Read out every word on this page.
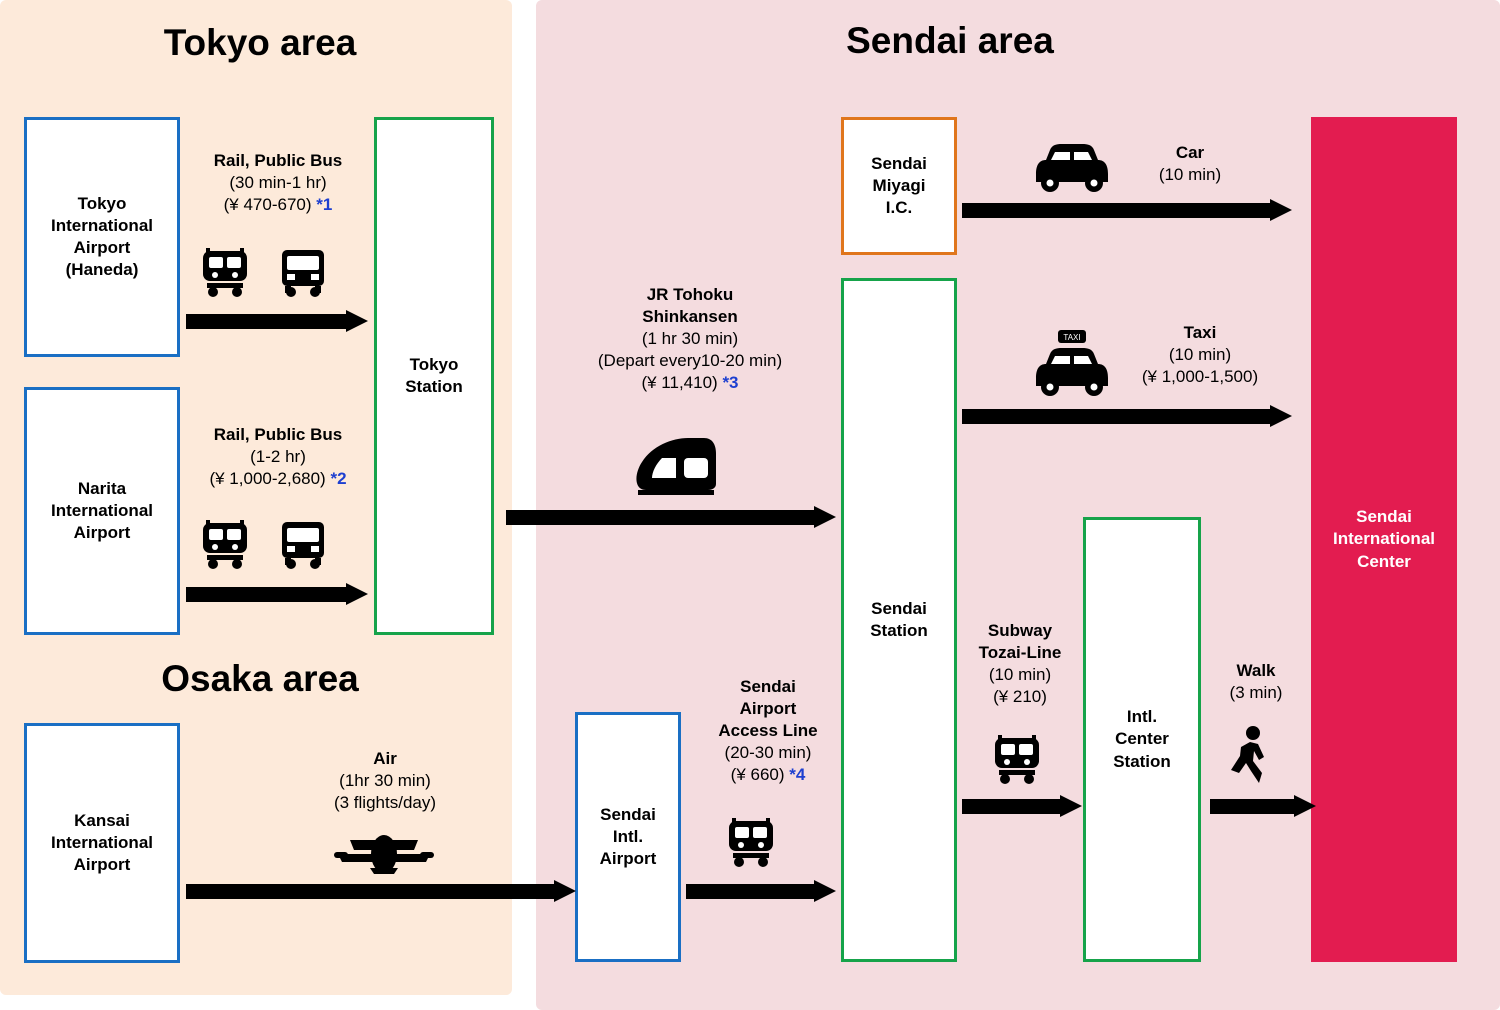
Tokyo area
Osaka area
Sendai area
Tokyo
International
Airport
(Haneda)
Narita
International
Airport
Kansai
International
Airport
Tokyo
Station
Sendai
Intl.
Airport
Sendai
Miyagi
I.C.
Sendai
Station
Intl.
Center
Station
Sendai
International
Center
Rail, Public Bus
(30 min-1 hr)
(¥ 470-670) *1
Rail, Public Bus
(1-2 hr)
(¥ 1,000-2,680) *2
Air
(1hr 30 min)
(3 flights/day)
JR Tohoku
Shinkansen
(1 hr 30 min)
(Depart every10-20 min)
(¥ 11,410) *3
Sendai
Airport
Access Line
(20-30 min)
(¥ 660) *4
Car
(10 min)
Taxi
(10 min)
(¥ 1,000-1,500)
TAXI
Subway
Tozai-Line
(10 min)
(¥ 210)
Walk
(3 min)
